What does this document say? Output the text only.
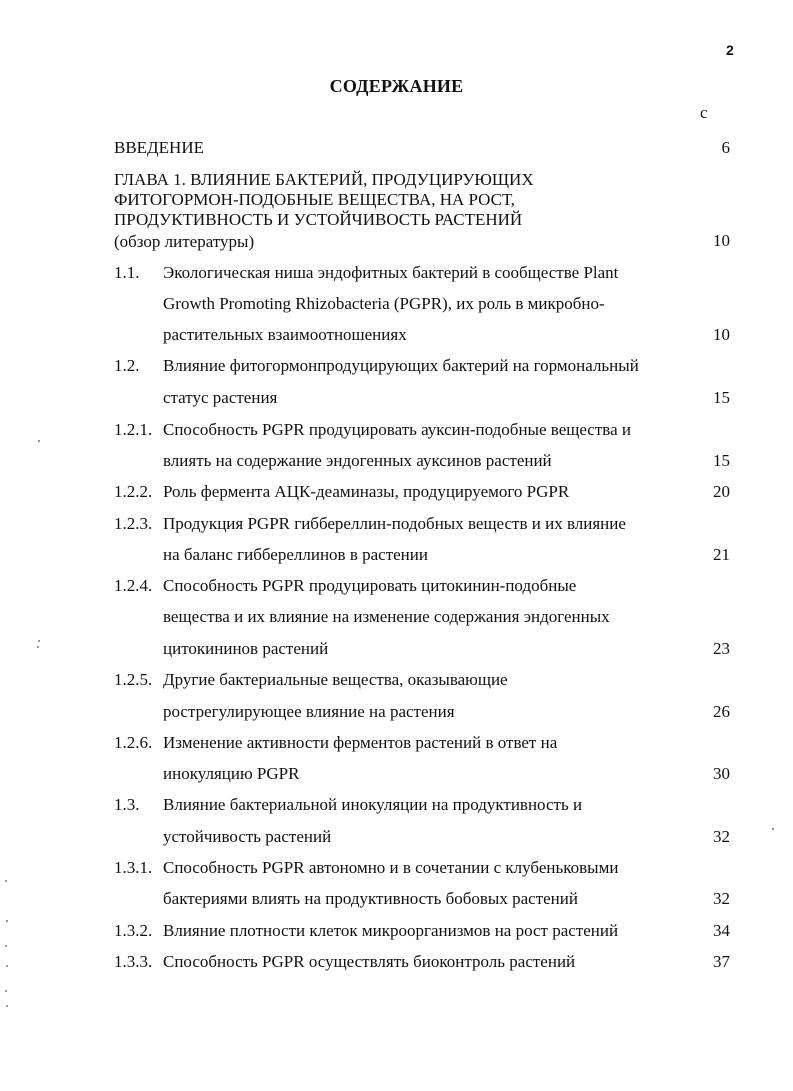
2
СОДЕРЖАНИЕ
с
ВВЕДЕНИЕ	6
ГЛАВА 1. ВЛИЯНИЕ БАКТЕРИЙ, ПРОДУЦИРУЮЩИХ
ФИТОГОРМОН-ПОДОБНЫЕ ВЕЩЕСТВА, НА РОСТ,
ПРОДУКТИВНОСТЬ И УСТОЙЧИВОСТЬ РАСТЕНИЙ
(обзор литературы)	10
1.1. Экологическая ниша эндофитных бактерий в сообществе Plant
Growth Promoting Rhizobacteria (PGPR), их роль в микробно-
растительных взаимоотношениях	10
1.2. Влияние фитогормонпродуцирующих бактерий на гормональный
статус растения	15
1.2.1. Способность PGPR продуцировать ауксин-подобные вещества и
влиять на содержание эндогенных ауксинов растений	15
1.2.2. Роль фермента АЦК-деаминазы, продуцируемого PGPR	20
1.2.3. Продукция PGPR гиббереллин-подобных веществ и их влияние
на баланс гиббереллинов в растении	21
1.2.4. Способность PGPR продуцировать цитокинин-подобные
вещества и их влияние на изменение содержания эндогенных
цитокининов растений	23
1.2.5. Другие бактериальные вещества, оказывающие
рострегулирующее влияние на растения	26
1.2.6. Изменение активности ферментов растений в ответ на
инокуляцию PGPR	30
1.3. Влияние бактериальной инокуляции на продуктивность и
устойчивость растений	32
1.3.1. Способность PGPR автономно и в сочетании с клубеньковыми
бактериями влиять на продуктивность бобовых растений	32
1.3.2. Влияние плотности клеток микроорганизмов на рост растений	34
1.3.3. Способность PGPR осуществлять биоконтроль растений	37
